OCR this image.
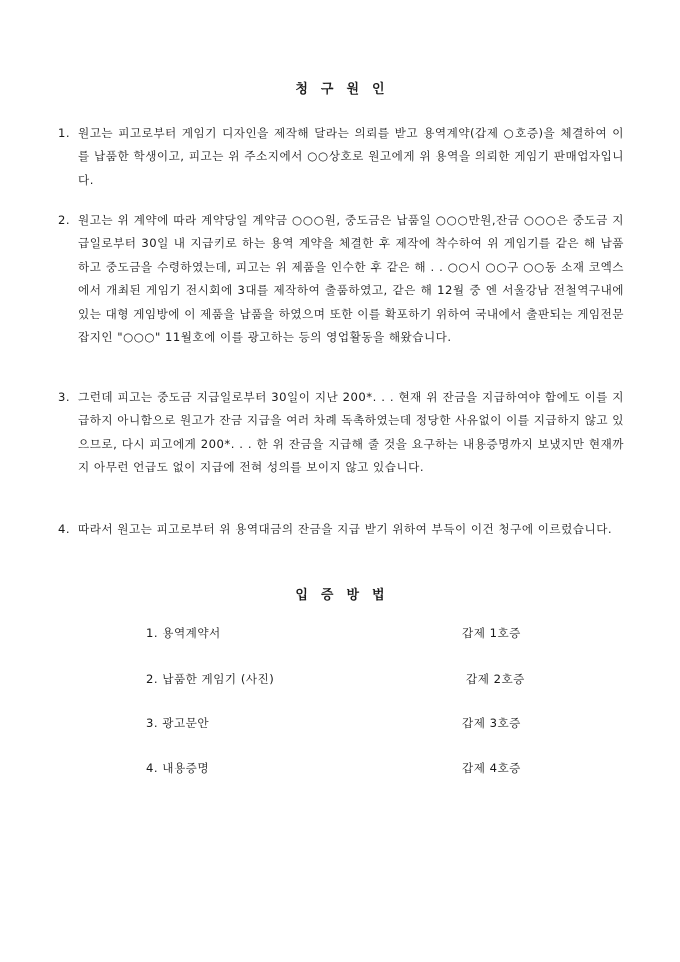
청구원인
1. 원고는 피고로부터 게임기 디자인을 제작해 달라는 의뢰를 받고 용역계약(갑제 ○호증)을 체결하여 이를 납품한 학생이고, 피고는 위 주소지에서 ○○상호로 원고에게 위 용역을 의뢰한 게임기 판매업자입니다.
2. 원고는 위 계약에 따라 계약당일 계약금 ○○○원, 중도금은 납품일 ○○○만원,잔금 ○○○은 중도금 지급일로부터 30일 내 지급키로 하는 용역 계약을 체결한 후 제작에 착수하여 위 게임기를 같은 해 납품하고 중도금을 수령하였는데, 피고는 위 제품을 인수한 후 같은 해 . . ○○시 ○○구 ○○동 소재 코엑스에서 개최된 게임기 전시회에 3대를 제작하여 출품하였고, 같은 해 12월 중 엔 서울강남 전철역구내에 있는 대형 게임방에 이 제품을 납품을 하였으며 또한 이를 확포하기 위하여 국내에서 출판되는 게임전문잡지인 "○○○" 11월호에 이를 광고하는 등의 영업활동을 해왔습니다.
3. 그런데 피고는 중도금 지급일로부터 30일이 지난 200*. . . 현재 위 잔금을 지급하여야 함에도 이를 지급하지 아니함으로 원고가 잔금 지급을 여러 차례 독촉하였는데 정당한 사유없이 이를 지급하지 않고 있으므로, 다시 피고에게 200*. . . 한 위 잔금을 지급해 줄 것을 요구하는 내용증명까지 보냈지만 현재까지 아무런 언급도 없이 지급에 전혀 성의를 보이지 않고 있습니다.
4. 따라서 원고는 피고로부터 위 용역대금의 잔금을 지급 받기 위하여 부득이 이건 청구에 이르렀습니다.
입증방법
1. 용역계약서	갑제 1호증
2. 납품한 게임기 (사진)	갑제 2호증
3. 광고문안	갑제 3호증
4. 내용증명	갑제 4호증
